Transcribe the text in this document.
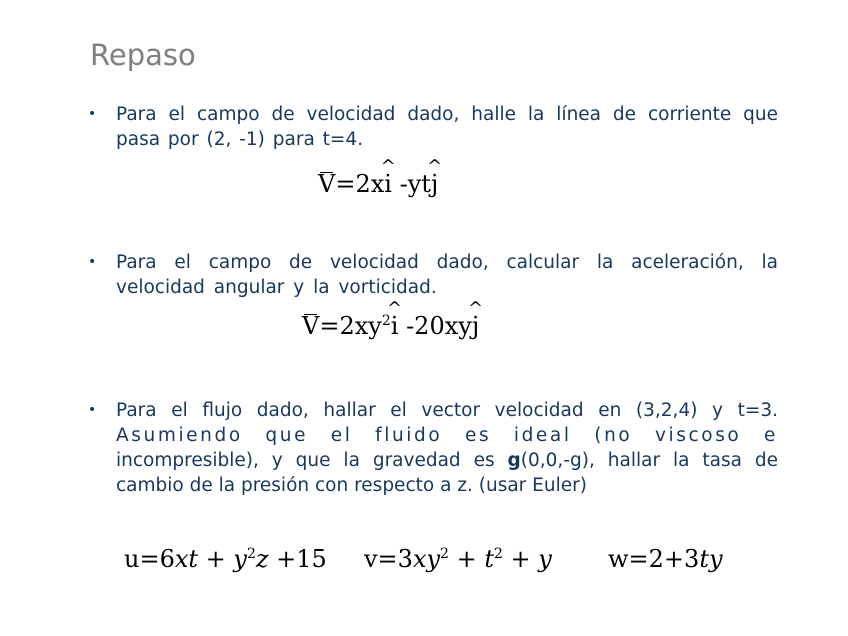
Repaso
• Para el campo de velocidad dado, halle la línea de corriente que pasa por (2, -1) para t=4.
V=2x^ i -yt^ j
• Para el campo de velocidad dado, calcular la aceleración, la velocidad angular y la vorticidad.
$V=2xy^2\^{}$ i -20xy^ j
• Para el flujo dado, hallar el vector velocidad en (3,2,4) y t=3. Asumiendo que el fluido es ideal (no viscoso e incompresible), y que la gravedad es g(0,0,-g), hallar la tasa de cambio de la presión con respecto a z. (usar Euler)
$u=6xt + y^2z +15$ $v=3xy^2 + t^2 + y$ w=2+3ty
